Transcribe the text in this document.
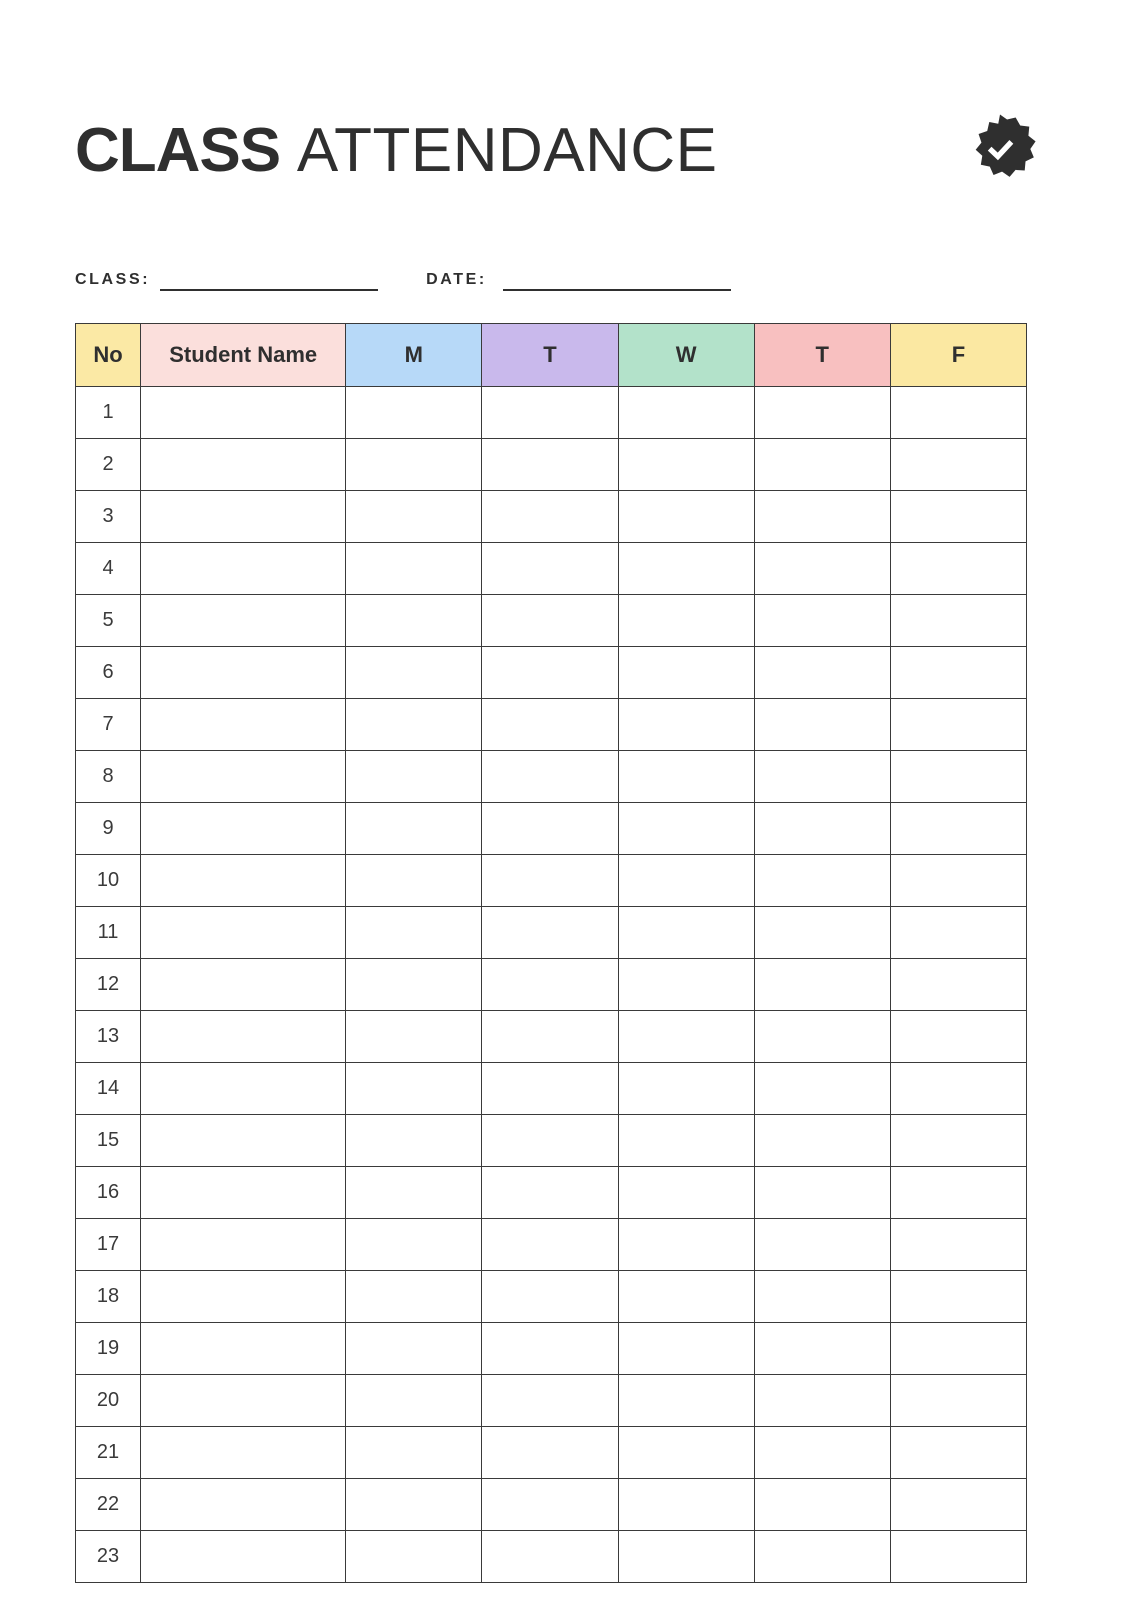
CLASS ATTENDANCE
CLASS:	DATE:
No	Student Name	M	T	W	T	F
1						
2						
3						
4						
5						
6						
7						
8						
9						
10						
11						
12						
13						
14						
15						
16						
17						
18						
19						
20						
21						
22						
23						
